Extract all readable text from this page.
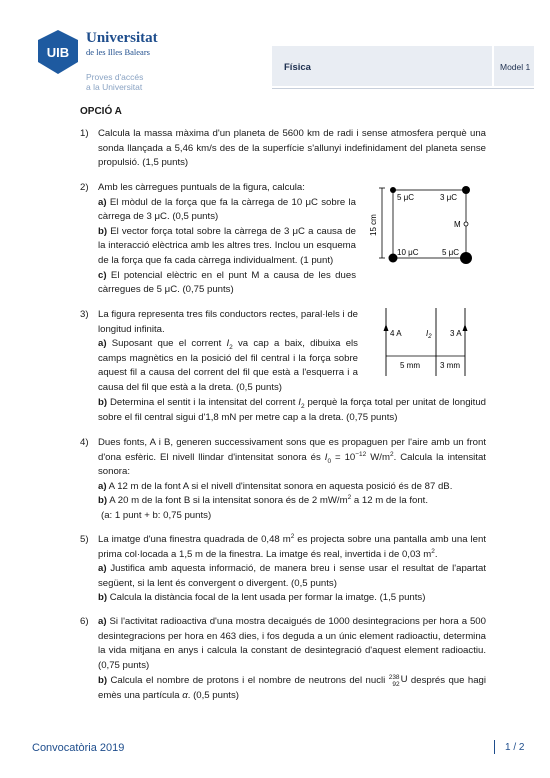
UIB
Universitat
de les Illes Balears
Proves d'accés
a la Universitat
Física	Model 1
OPCIÓ A
1) Calcula la massa màxima d'un planeta de 5600 km de radi i sense atmosfera perquè una sonda llançada a 5,46 km/s des de la superfície s'allunyi indefinidament del planeta sense propulsió. (1,5 punts)

2) Amb les càrregues puntuals de la figura, calcula:

a) El mòdul de la força que fa la càrrega de 10 μC sobre la càrrega de 3 μC. (0,5 punts)

b) El vector força total sobre la càrrega de 3 μC a causa de la interacció elèctrica amb les altres tres. Inclou un esquema de la força que fa cada càrrega individualment. (1 punt)

c) El potencial elèctric en el punt M a causa de les dues càrregues de 5 μC. (0,75 punts)

15 cm
5 μC	3 μC
10 μC	5 μC
M
3) La figura representa tres fils conductors rectes, paral·lels i de longitud infinita.

a) Suposant que el corrent $I_2$ va cap a baix, dibuixa els camps magnètics en la posició del fil central i la força sobre aquest fil a causa del corrent del fil que està a l'esquerra i a causa del fil que està a la dreta. (0,5 punts)

b) Determina el sentit i la intensitat del corrent $I_2$ perquè la força total per unitat de longitud sobre el fil central sigui d'1,8 mN per metre cap a la dreta. (0,75 punts)

4 A	$I_2$ 3 A
5 mm	3 mm
4) Dues fonts, A i B, generen successivament sons que es propaguen per l'aire amb un front d'ona esfèric. El nivell llindar d'intensitat sonora és $I_0 = 10^{-12}$ $W/m^2$. Calcula la intensitat sonora:

a) A 12 m de la font A si el nivell d'intensitat sonora en aquesta posició és de 87 dB.

b) A 20 m de la font B si la intensitat sonora és de 2 $mW/m^2$ a 12 m de la font.

(a: 1 punt + b: 0,75 punts)

5) La imatge d'una finestra quadrada de 0,48 $m^2$ es projecta sobre una pantalla amb una lent prima col·locada a 1,5 m de la finestra. La imatge és real, invertida i de 0,03 $m^2$.

a) Justifica amb aquesta informació, de manera breu i sense usar el resultat de l'apartat següent, si la lent és convergent o divergent. (0,5 punts)

b) Calcula la distància focal de la lent usada per formar la imatge. (1,5 punts)

6) a) Si l'activitat radioactiva d'una mostra decaigués de 1000 desintegracions per hora a 500 desintegracions per hora en 463 dies, i fos deguda a un únic element radioactiu, determina la vida mitjana en anys i calcula la constant de desintegració d'aquest element radioactiu. (0,75 punts)

b) Calcula el nombre de protons i el nombre de neutrons del nucli 238
92 U després que hagi emès una partícula α. (0,5 punts)

Convocatòria 2019	1 / 2
